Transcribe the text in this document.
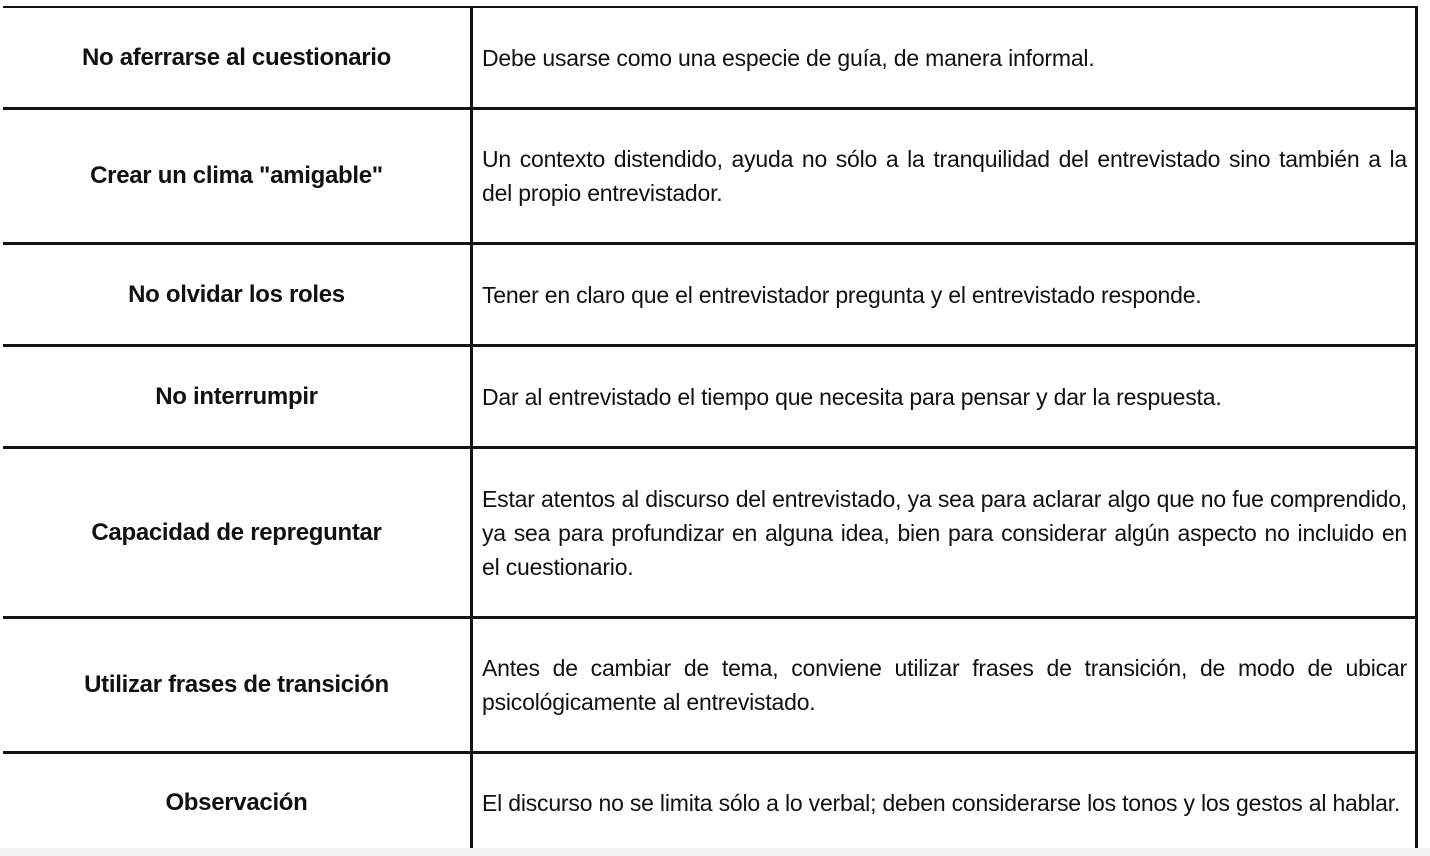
No aferrarse al cuestionario	Debe usarse como una especie de guía, de manera informal.
Crear un clima "amigable"	Un contexto distendido, ayuda no sólo a la tranquilidad del entrevistado sino también a la del propio entrevistador.
No olvidar los roles	Tener en claro que el entrevistador pregunta y el entrevistado responde.
No interrumpir	Dar al entrevistado el tiempo que necesita para pensar y dar la respuesta.
Capacidad de repreguntar	Estar atentos al discurso del entrevistado, ya sea para aclarar algo que no fue comprendido, ya sea para profundizar en alguna idea, bien para considerar algún aspecto no incluido en el cuestionario.
Utilizar frases de transición	Antes de cambiar de tema, conviene utilizar frases de transición, de modo de ubicar psicológicamente al entrevistado.
Observación	El discurso no se limita sólo a lo verbal; deben considerarse los tonos y los gestos al hablar.
